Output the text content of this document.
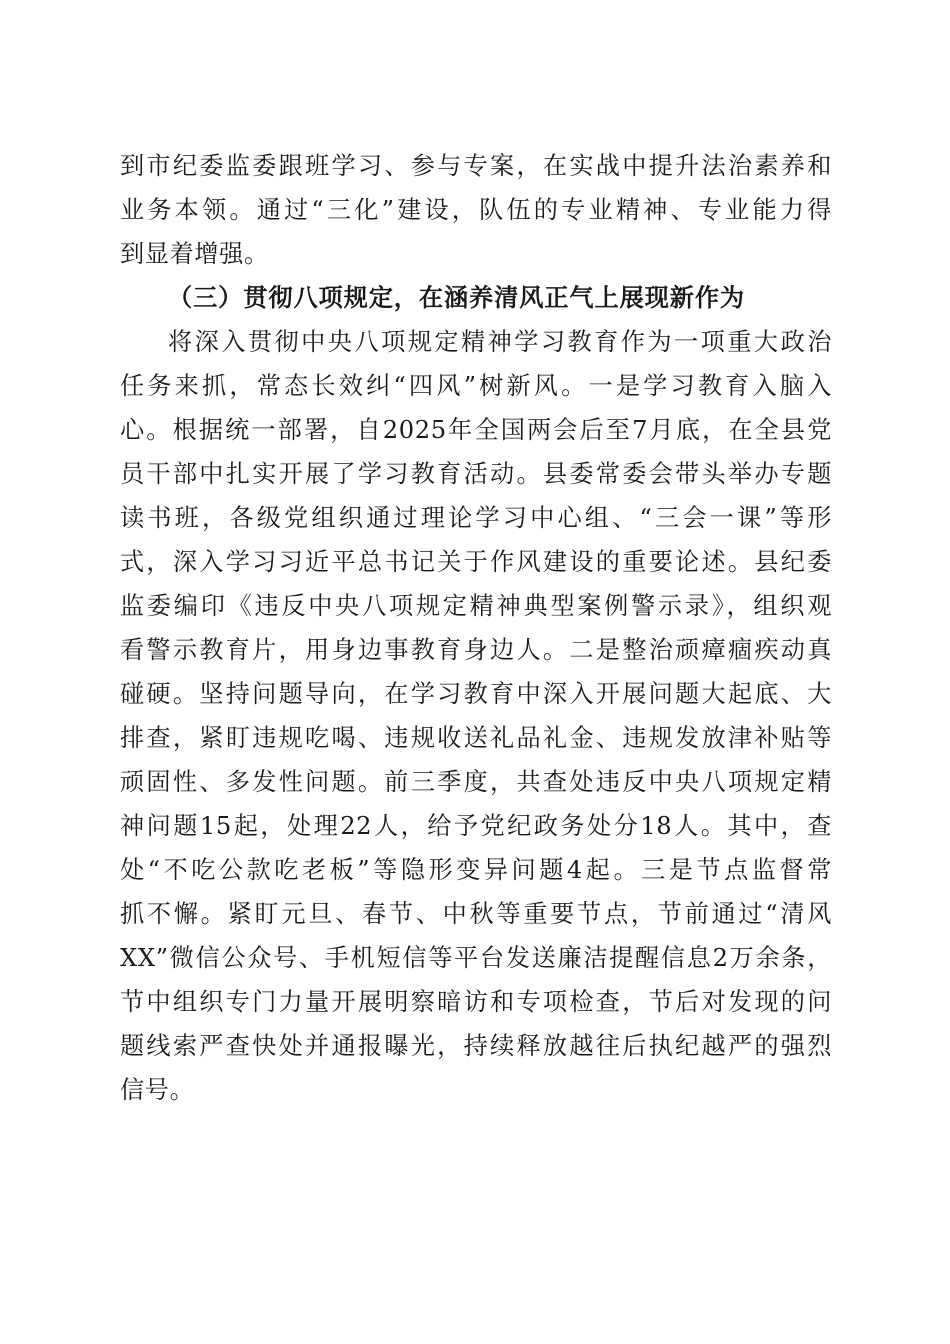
到市纪委监委跟班学习、参与专案，在实战中提升法治素养和
业务本领。通过“三化”建设，队伍的专业精神、专业能力得
到显着增强。
（三）贯彻八项规定，在涵养清风正气上展现新作为
将深入贯彻中央八项规定精神学习教育作为一项重大政治
任务来抓，常态长效纠“四风”树新风。一是学习教育入脑入
心。根据统一部署，自2025年全国两会后至7月底，在全县党
员干部中扎实开展了学习教育活动。县委常委会带头举办专题
读书班，各级党组织通过理论学习中心组、“三会一课”等形
式，深入学习习近平总书记关于作风建设的重要论述。县纪委
监委编印《违反中央八项规定精神典型案例警示录》，组织观
看警示教育片，用身边事教育身边人。二是整治顽瘴痼疾动真
碰硬。坚持问题导向，在学习教育中深入开展问题大起底、大
排查，紧盯违规吃喝、违规收送礼品礼金、违规发放津补贴等
顽固性、多发性问题。前三季度，共查处违反中央八项规定精
神问题15起，处理22人，给予党纪政务处分18人。其中，查
处“不吃公款吃老板”等隐形变异问题4起。三是节点监督常
抓不懈。紧盯元旦、春节、中秋等重要节点，节前通过“清风
XX”微信公众号、手机短信等平台发送廉洁提醒信息2万余条，
节中组织专门力量开展明察暗访和专项检查，节后对发现的问
题线索严查快处并通报曝光，持续释放越往后执纪越严的强烈
信号。
